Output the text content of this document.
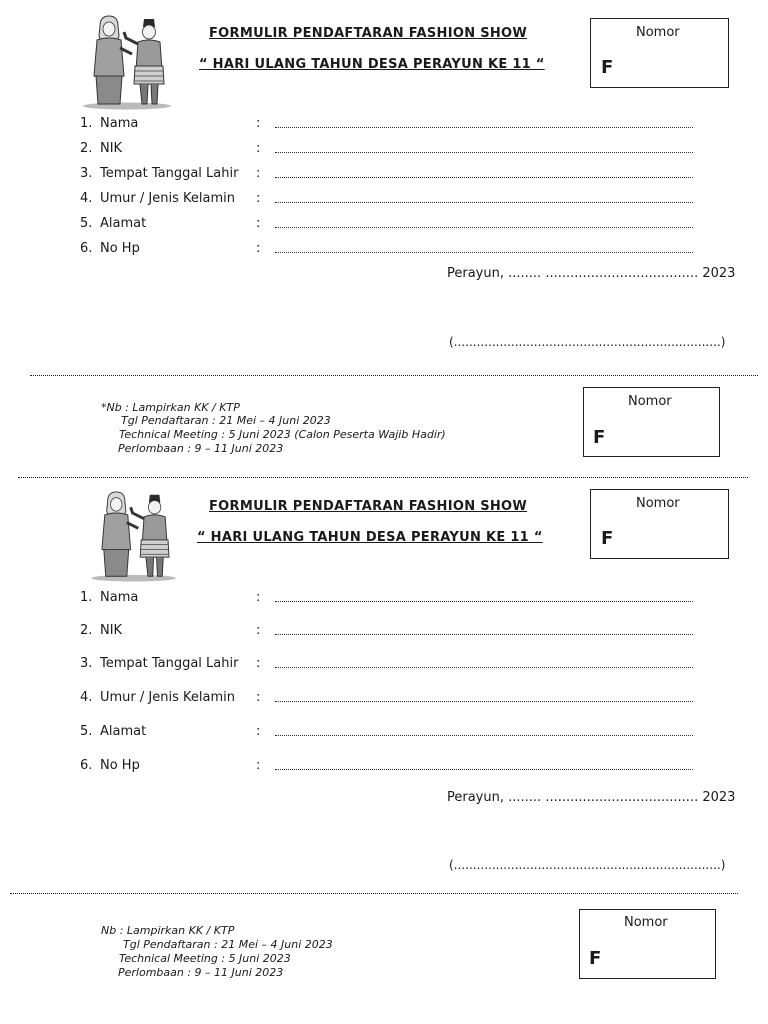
FORMULIR PENDAFTARAN FASHION SHOW
“ HARI ULANG TAHUN DESA PERAYUN KE 11 “
Nomor
F
1. Nama	:
2. NIK	:
3. Tempat Tanggal Lahir :
4. Umur / Jenis Kelamin :
5. Alamat	:
6. No Hp	:
Perayun, ........ ..................................... 2023
(......................................................................)
*Nb : Lampirkan KK / KTP
Tgl Pendaftaran : 21 Mei – 4 Juni 2023
Technical Meeting : 5 Juni 2023 (Calon Peserta Wajib Hadir)
Perlombaan : 9 – 11 Juni 2023
Nomor
F
FORMULIR PENDAFTARAN FASHION SHOW
“ HARI ULANG TAHUN DESA PERAYUN KE 11 “
Nomor
F
1. Nama	:
2. NIK	:
3. Tempat Tanggal Lahir :
4. Umur / Jenis Kelamin :
5. Alamat	:
6. No Hp	:
Perayun, ........ ..................................... 2023
(......................................................................)
Nb : Lampirkan KK / KTP
Tgl Pendaftaran : 21 Mei – 4 Juni 2023
Technical Meeting : 5 Juni 2023
Perlombaan : 9 – 11 Juni 2023
Nomor
F
